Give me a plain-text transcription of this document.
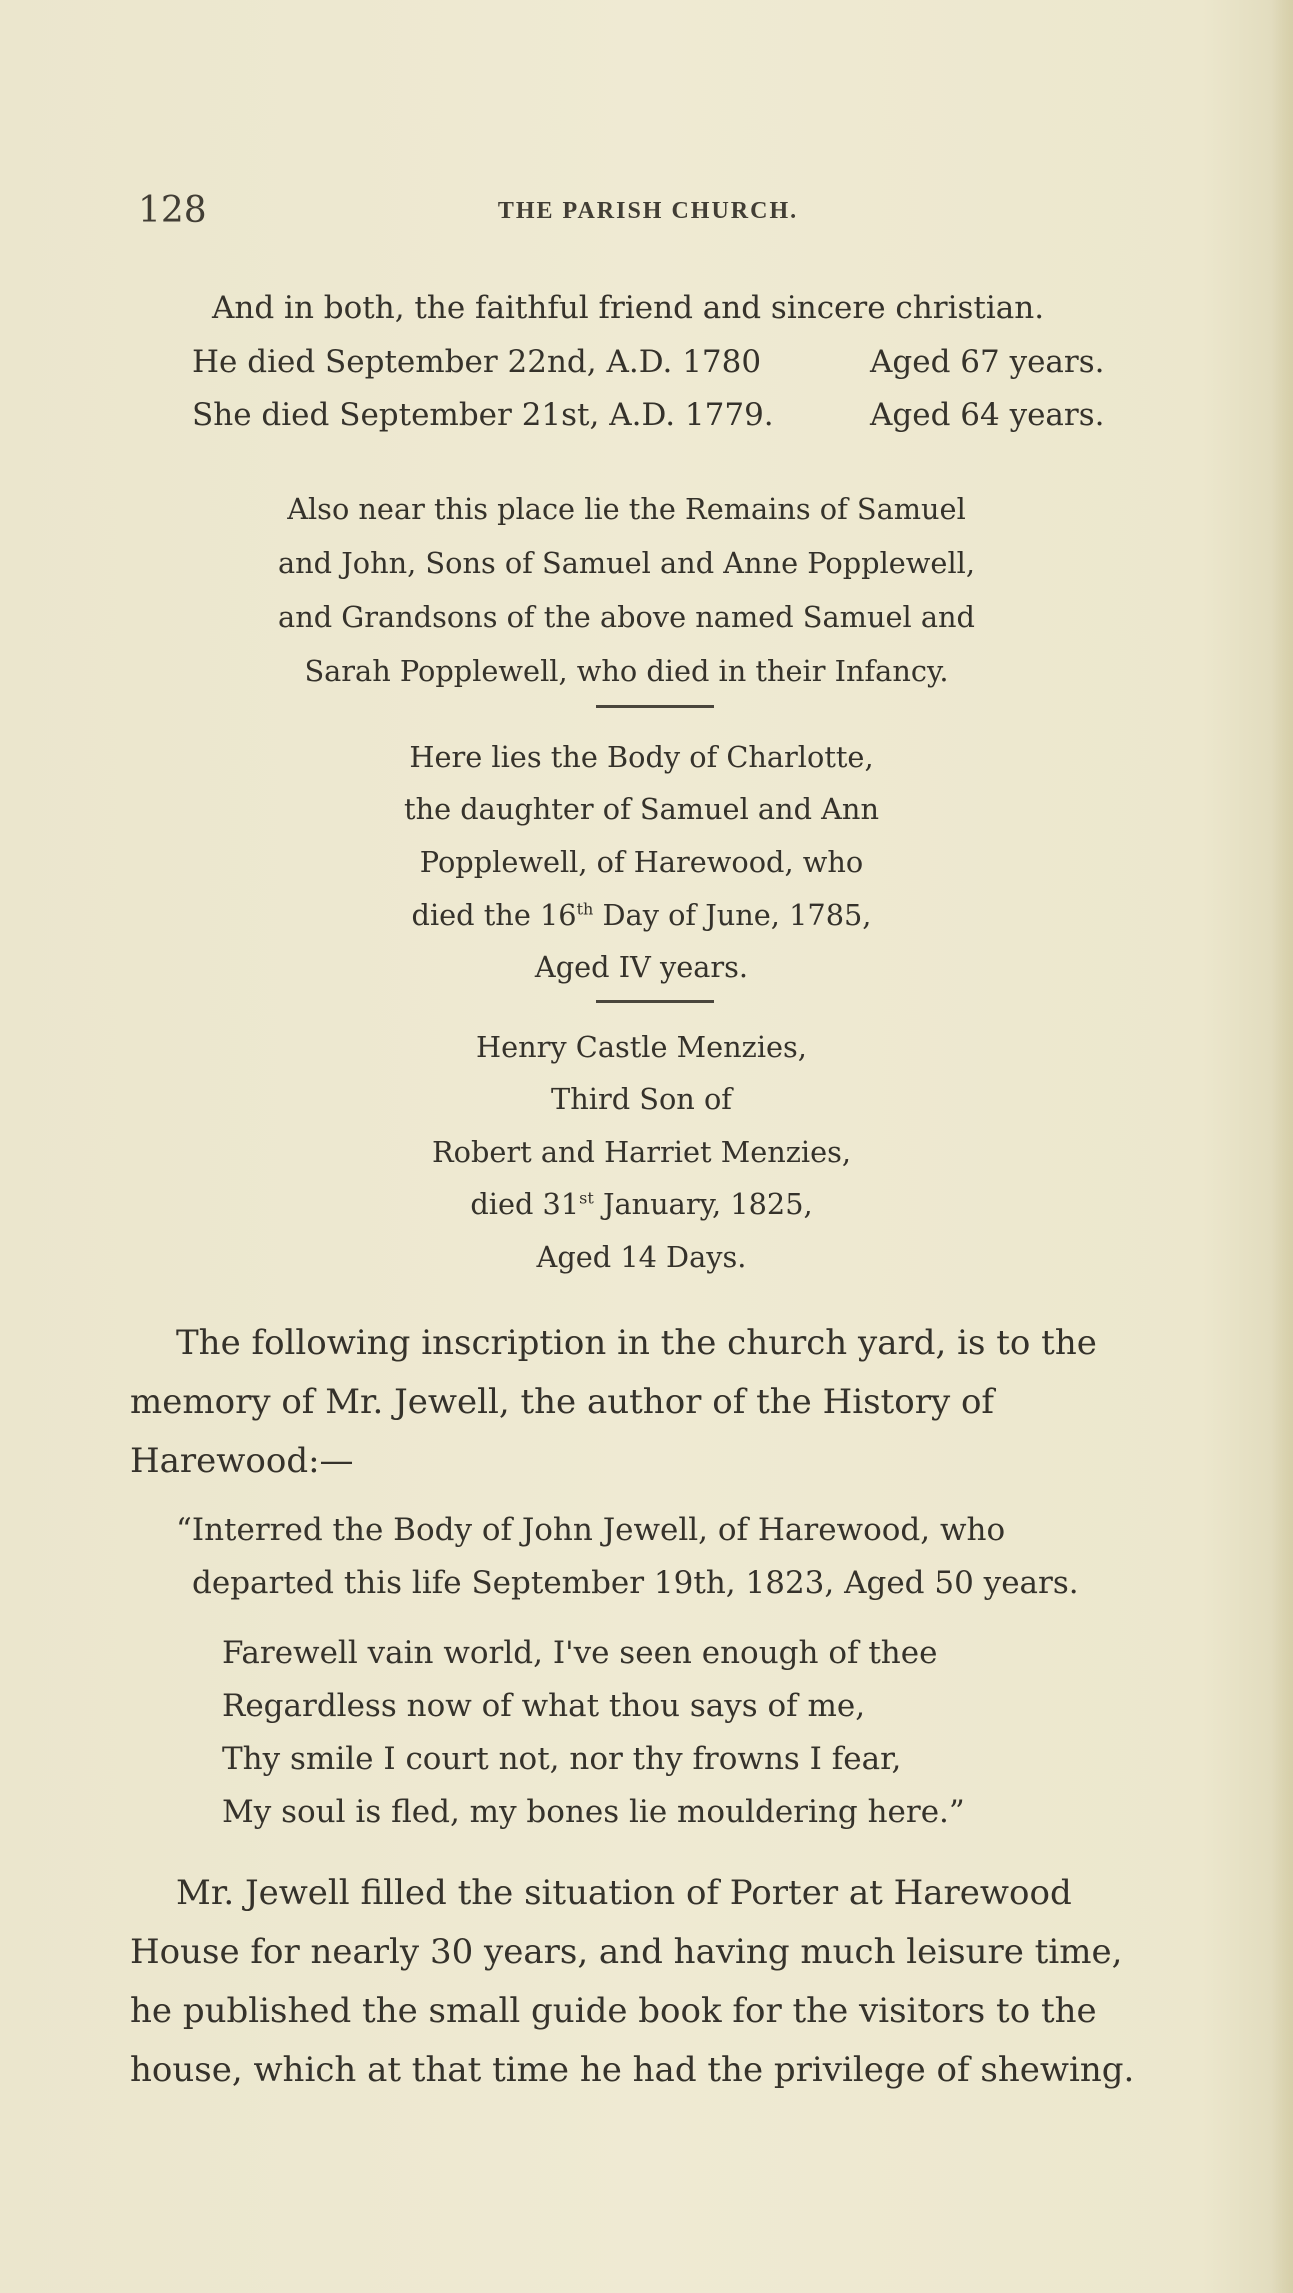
128	THE PARISH CHURCH.
And in both, the faithful friend and sincere christian.
He died September 22nd, A.D. 1780	Aged 67 years.
She died September 21st, A.D. 1779.	Aged 64 years.
Also near this place lie the Remains of Samuel
and John, Sons of Samuel and Anne Popplewell,
and Grandsons of the above named Samuel and
Sarah Popplewell, who died in their Infancy.
Here lies the Body of Charlotte,
the daughter of Samuel and Ann
Popplewell, of Harewood, who
died the 16th Day of June, 1785,
Aged IV years.
Henry Castle Menzies,
Third Son of
Robert and Harriet Menzies,
died 31st January, 1825,
Aged 14 Days.
The following inscription in the church yard, is to the
memory of Mr. Jewell, the author of the History of
Harewood:—
“Interred the Body of John Jewell, of Harewood, who
departed this life September 19th, 1823, Aged 50 years.
Farewell vain world, I've seen enough of thee
Regardless now of what thou says of me,
Thy smile I court not, nor thy frowns I fear,
My soul is fled, my bones lie mouldering here.”
Mr. Jewell filled the situation of Porter at Harewood
House for nearly 30 years, and having much leisure time,
he published the small guide book for the visitors to the
house, which at that time he had the privilege of shewing.
